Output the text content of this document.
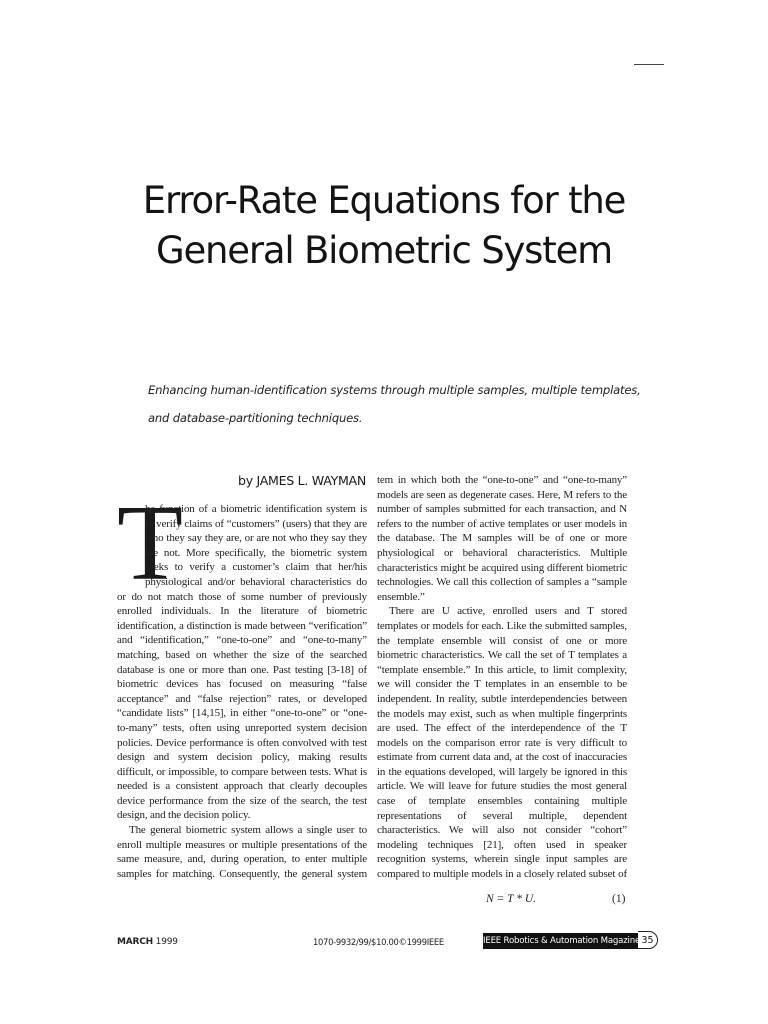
Error-Rate Equations for the
General Biometric System
Enhancing human-identification systems through multiple samples, multiple templates,
and database-partitioning techniques.
by JAMES L. WAYMAN
T

he function of a biometric identification system is to verify claims of “customers” (users) that they are who they say they are, or are not who they say they are not. More specifically, the biometric system seeks to verify a customer’s claim that her/his physiological and/or behavioral characteristics do or do not match those of some number of previously enrolled individuals. In the literature of biometric identification, a distinction is made between “verification” and “identification,” “one-to-one” and “one-to-many” matching, based on whether the size of the searched database is one or more than one. Past testing [3-18] of biometric devices has focused on measuring “false acceptance” and “false rejection” rates, or developed “candidate lists” [14,15], in either “one-to-one” or “one-to-many” tests, often using unreported system decision policies. Device performance is often convolved with test design and system decision policy, making results difficult, or impossible, to compare between tests. What is needed is a consistent approach that clearly decouples device performance from the size of the search, the test design, and the decision policy.

The general biometric system allows a single user to enroll multiple measures or multiple presentations of the same measure, and, during operation, to enter multiple samples for matching. Consequently, the general system

tem in which both the “one-to-one” and “one-to-many” models are seen as degenerate cases. Here, M refers to the number of samples submitted for each transaction, and N refers to the number of active templates or user models in the database. The M samples will be of one or more physiological or behavioral characteristics. Multiple characteristics might be acquired using different biometric technologies. We call this collection of samples a “sample ensemble.”

There are U active, enrolled users and T stored templates or models for each. Like the submitted samples, the template ensemble will consist of one or more biometric characteristics. We call the set of T templates a “template ensemble.” In this article, to limit complexity, we will consider the T templates in an ensemble to be independent. In reality, subtle interdependencies between the models may exist, such as when multiple fingerprints are used. The effect of the interdependence of the T models on the comparison error rate is very difficult to estimate from current data and, at the cost of inaccuracies in the equations developed, will largely be ignored in this article. We will leave for future studies the most general case of template ensembles containing multiple representations of several multiple, dependent characteristics. We will also not consider “cohort” modeling techniques [21], often used in speaker recognition systems, wherein single input samples are compared to multiple models in a closely related subset of

N = T * U.	(1)
MARCH 1999	1070-9932/99/$10.00©1999IEEE	IEEE Robotics & Automation Magazine 35
